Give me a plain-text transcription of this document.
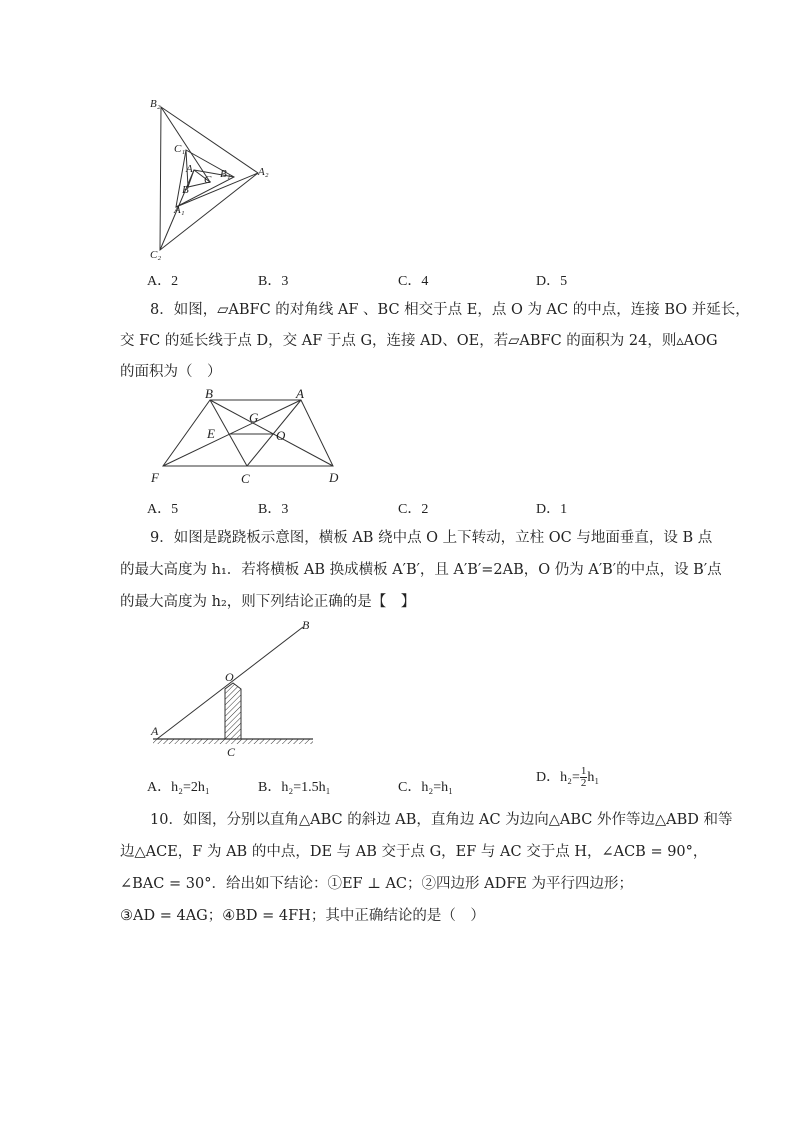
B₂
C₁
A
C B₁ A₂
B
A₁
C₂
A．2	B．3	C．4	D．5
8．如图，▱ABFC 的对角线 AF 、BC 相交于点 E，点 O 为 AC 的中点，连接 BO 并延长，
交 FC 的延长线于点 D，交 AF 于点 G，连接 AD、OE，若▱ABFC 的面积为 24，则▵AOG
的面积为（　）
B	A
G
E	O
F	C	D
A．5	B．3	C．2	D．1
9．如图是跷跷板示意图，横板 AB 绕中点 O 上下转动，立柱 OC 与地面垂直，设 B 点
的最大高度为 h₁．若将横板 AB 换成横板 A′B′，且 A′B′=2AB，O 仍为 A′B′的中点，设 B′点
的最大高度为 h₂，则下列结论正确的是【　】
B
O
A
C
A．h₂=2h₁	B．h₂=1.5h₁	C．h₂=h₁
D．$h_2= \frac{1}{2} h_1$
10．如图，分别以直角△ABC 的斜边 AB，直角边 AC 为边向△ABC 外作等边△ABD 和等
边△ACE，F 为 AB 的中点，DE 与 AB 交于点 G，EF 与 AC 交于点 H，∠ACB = 90°，
∠BAC = 30°．给出如下结论：①EF ⊥ AC；②四边形 ADFE 为平行四边形；
③AD = 4AG；④BD = 4FH；其中正确结论的是（　）
